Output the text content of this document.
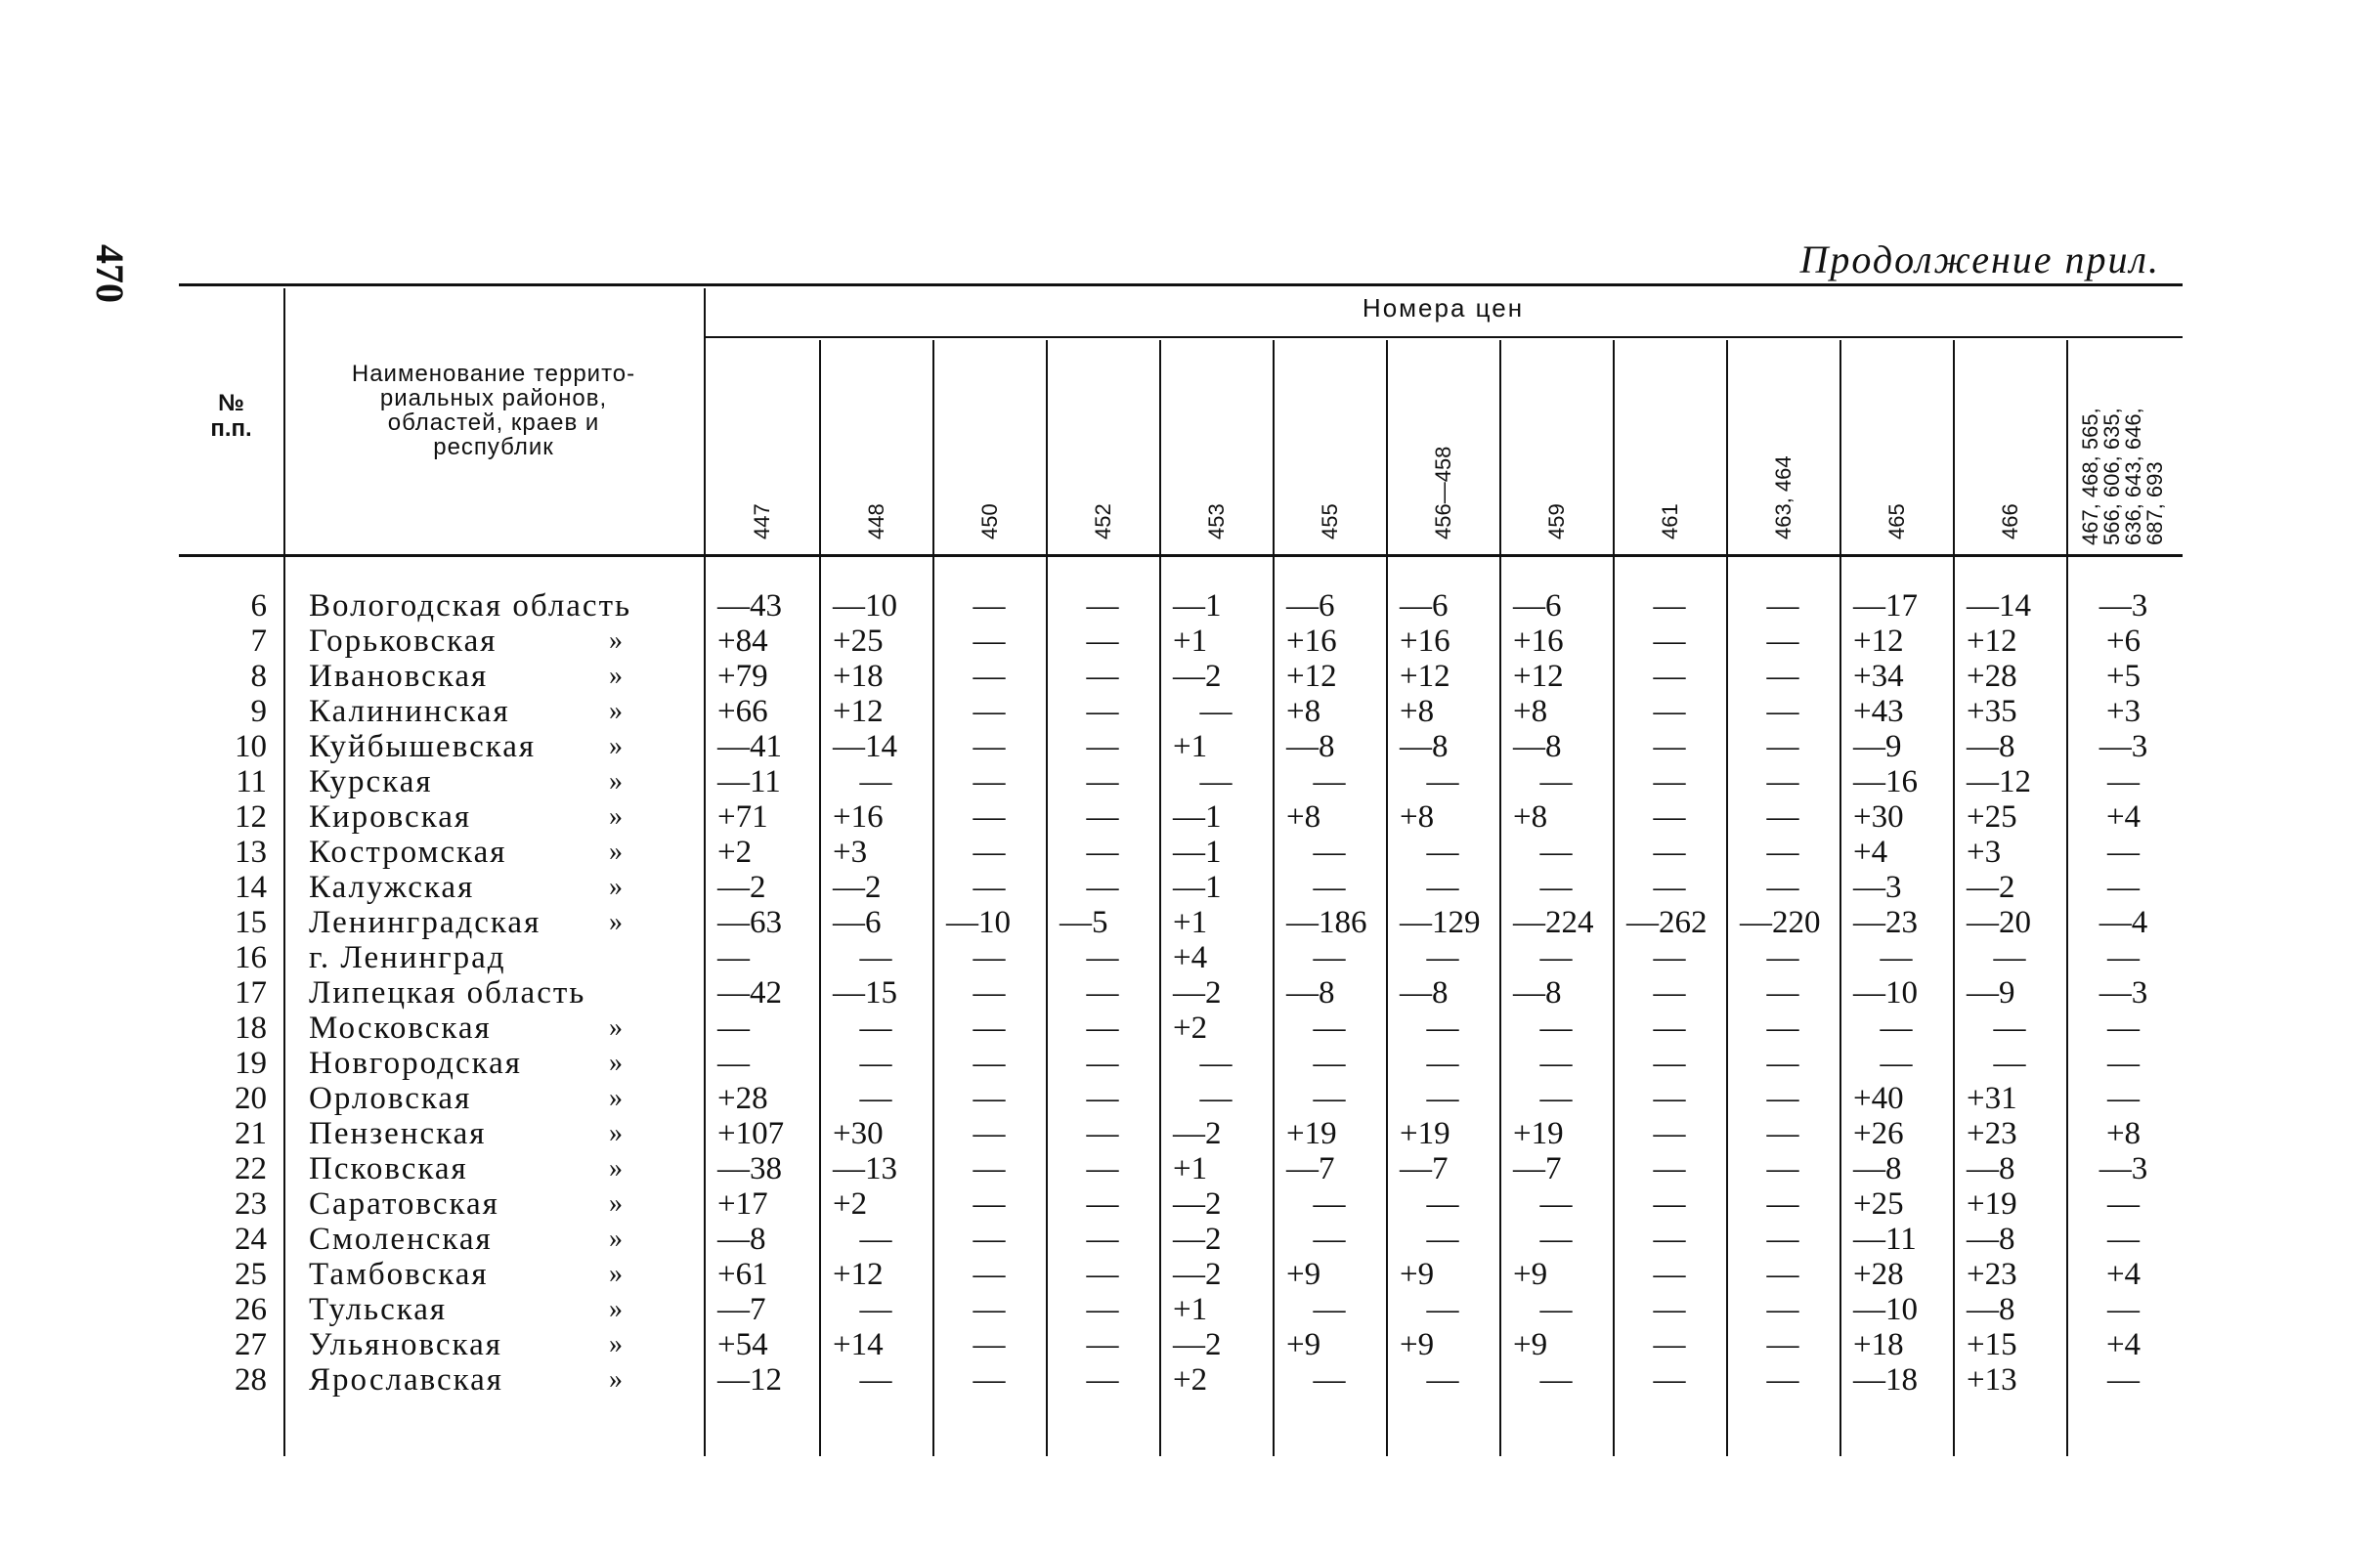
470	Продолжение прил.
№
п.п.
Наименование террито-
риальных районов,
областей, краев и
республик
Номера цен
447	448	450	452	453	455	456—458	459	461	463, 464	465	466	467, 468, 565,
566, 606, 635,
636, 643, 646,
687, 693
6 Вологодская область	—43	—10	—	—	—1	—6	—6	—6	—	—	—17	—14	—3
7 Горьковская	»	+84	+25	—	—	+1	+16	+16	+16	—	—	+12	+12	+6
8 Ивановская	»	+79	+18	—	—	—2	+12	+12	+12	—	—	+34	+28	+5
9 Калининская	»	+66	+12	—	—	—	+8	+8	+8	—	—	+43	+35	+3
10 Куйбышевская	»	—41	—14	—	—	+1	—8	—8	—8	—	—	—9	—8	—3
11 Курская	»	—11	—	—	—	—	—	—	—	—	—	—16	—12	—
12 Кировская	»	+71	+16	—	—	—1	+8	+8	+8	—	—	+30	+25	+4
13 Костромская	»	+2	+3	—	—	—1	—	—	—	—	—	+4	+3	—
14 Калужская	»	—2	—2	—	—	—1	—	—	—	—	—	—3	—2	—
15 Ленинградская »	—63	—6	—10	—5	+1	—186	—129	—224	—262	—220	—23	—20	—4
16 г. Ленинград	—	—	—	—	+4	—	—	—	—	—	—	—	—
17 Липецкая область	—42	—15	—	—	—2	—8	—8	—8	—	—	—10	—9	—3
18 Московская	»	—	—	—	—	+2	—	—	—	—	—	—	—	—
19 Новгородская	»	—	—	—	—	—	—	—	—	—	—	—	—	—
20 Орловская	»	+28	—	—	—	—	—	—	—	—	—	+40	+31	—
21 Пензенская	»	+107	+30	—	—	—2	+19	+19	+19	—	—	+26	+23	+8
22 Псковская	»	—38	—13	—	—	+1	—7	—7	—7	—	—	—8	—8	—3
23 Саратовская	»	+17	+2	—	—	—2	—	—	—	—	—	+25	+19	—
24 Смоленская	»	—8	—	—	—	—2	—	—	—	—	—	—11	—8	—
25 Тамбовская	»	+61	+12	—	—	—2	+9	+9	+9	—	—	+28	+23	+4
26 Тульская	»	—7	—	—	—	+1	—	—	—	—	—	—10	—8	—
27 Ульяновская	»	+54	+14	—	—	—2	+9	+9	+9	—	—	+18	+15	+4
28 Ярославская	»	—12	—	—	—	+2	—	—	—	—	—	—18	+13	—
